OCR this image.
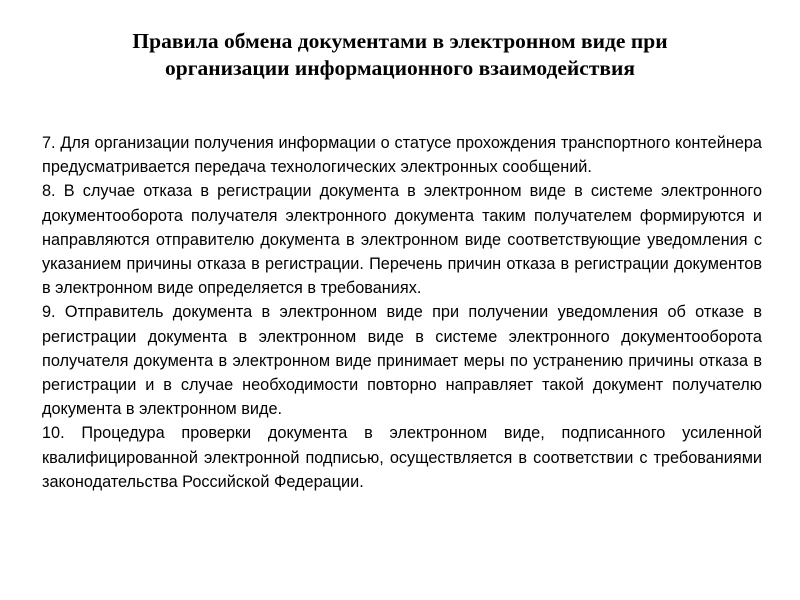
Правила обмена документами в электронном виде при
организации информационного взаимодействия

7. Для организации получения информации о статусе прохождения транспортного контейнера предусматривается передача технологических электронных сообщений.

8. В случае отказа в регистрации документа в электронном виде в системе электронного документооборота получателя электронного документа таким получателем формируются и направляются отправителю документа в электронном виде соответствующие уведомления с указанием причины отказа в регистрации. Перечень причин отказа в регистрации документов в электронном виде определяется в требованиях.

9. Отправитель документа в электронном виде при получении уведомления об отказе в регистрации документа в электронном виде в системе электронного документооборота получателя документа в электронном виде принимает меры по устранению причины отказа в регистрации и в случае необходимости повторно направляет такой документ получателю документа в электронном виде.

10. Процедура проверки документа в электронном виде, подписанного усиленной квалифицированной электронной подписью, осуществляется в соответствии с требованиями законодательства Российской Федерации.
